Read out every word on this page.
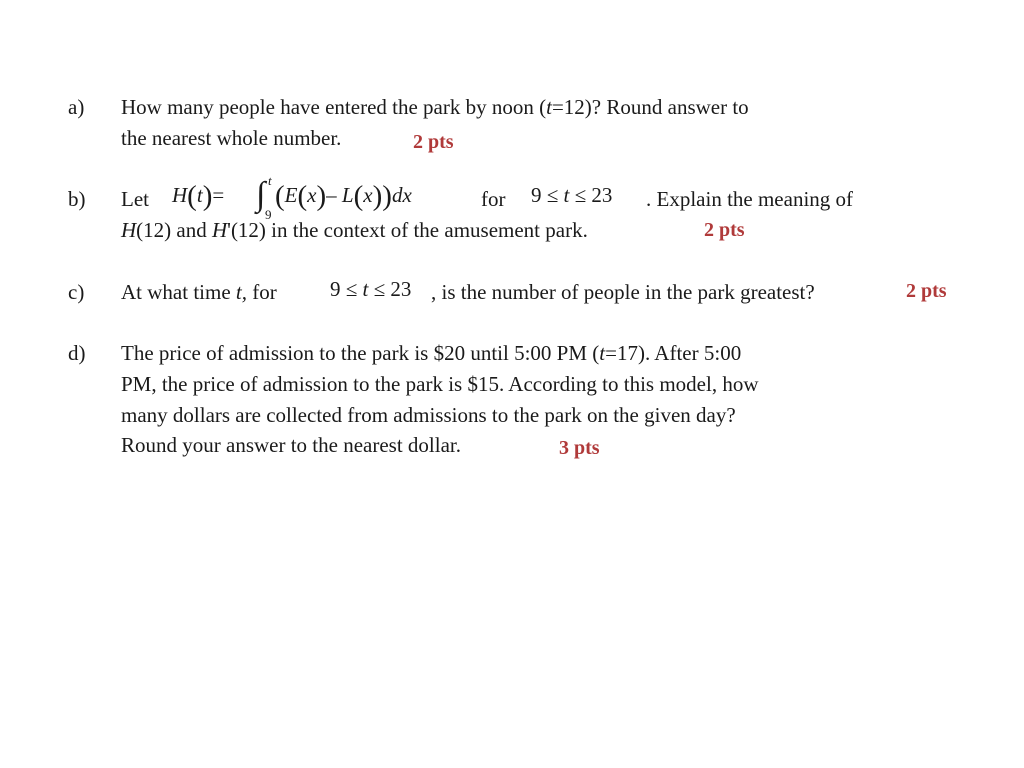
a) How many people have entered the park by noon (t=12)? Round answer to
the nearest whole number.	2 pts
b) Let H(t)= ∫ t
9
(E(x)– L(x))dx	for 9 ≤ t ≤ 23 . Explain the meaning of
H(12) and H'(12) in the context of the amusement park.	2 pts
c) At what time t, for	9 ≤ t ≤ 23 , is the number of people in the park greatest?	2 pts
d) The price of admission to the park is $20 until 5:00 PM (t=17). After 5:00
PM, the price of admission to the park is $15. According to this model, how
many dollars are collected from admissions to the park on the given day?
Round your answer to the nearest dollar.	3 pts
